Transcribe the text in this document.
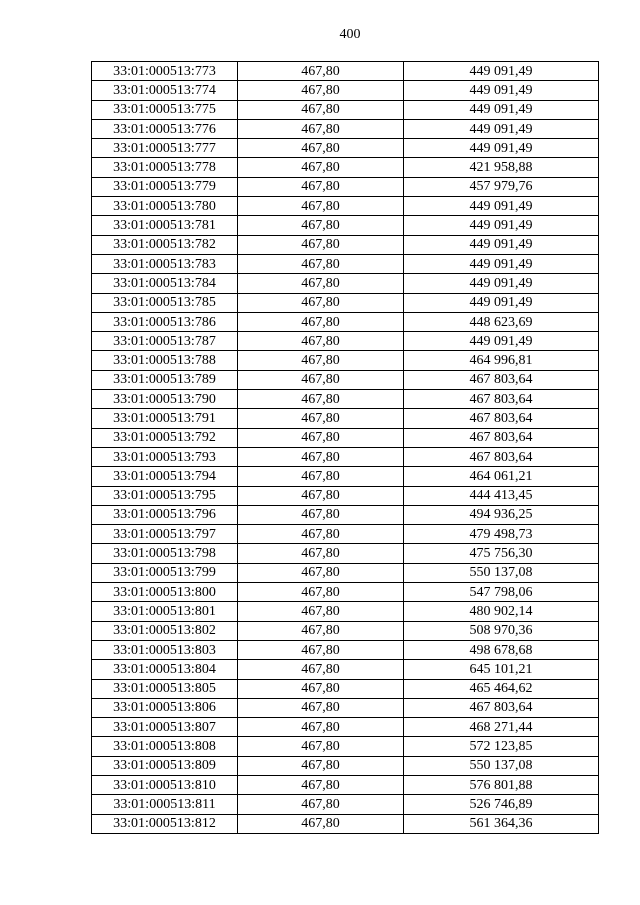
400
33:01:000513:773	467,80	449 091,49
33:01:000513:774	467,80	449 091,49
33:01:000513:775	467,80	449 091,49
33:01:000513:776	467,80	449 091,49
33:01:000513:777	467,80	449 091,49
33:01:000513:778	467,80	421 958,88
33:01:000513:779	467,80	457 979,76
33:01:000513:780	467,80	449 091,49
33:01:000513:781	467,80	449 091,49
33:01:000513:782	467,80	449 091,49
33:01:000513:783	467,80	449 091,49
33:01:000513:784	467,80	449 091,49
33:01:000513:785	467,80	449 091,49
33:01:000513:786	467,80	448 623,69
33:01:000513:787	467,80	449 091,49
33:01:000513:788	467,80	464 996,81
33:01:000513:789	467,80	467 803,64
33:01:000513:790	467,80	467 803,64
33:01:000513:791	467,80	467 803,64
33:01:000513:792	467,80	467 803,64
33:01:000513:793	467,80	467 803,64
33:01:000513:794	467,80	464 061,21
33:01:000513:795	467,80	444 413,45
33:01:000513:796	467,80	494 936,25
33:01:000513:797	467,80	479 498,73
33:01:000513:798	467,80	475 756,30
33:01:000513:799	467,80	550 137,08
33:01:000513:800	467,80	547 798,06
33:01:000513:801	467,80	480 902,14
33:01:000513:802	467,80	508 970,36
33:01:000513:803	467,80	498 678,68
33:01:000513:804	467,80	645 101,21
33:01:000513:805	467,80	465 464,62
33:01:000513:806	467,80	467 803,64
33:01:000513:807	467,80	468 271,44
33:01:000513:808	467,80	572 123,85
33:01:000513:809	467,80	550 137,08
33:01:000513:810	467,80	576 801,88
33:01:000513:811	467,80	526 746,89
33:01:000513:812	467,80	561 364,36
